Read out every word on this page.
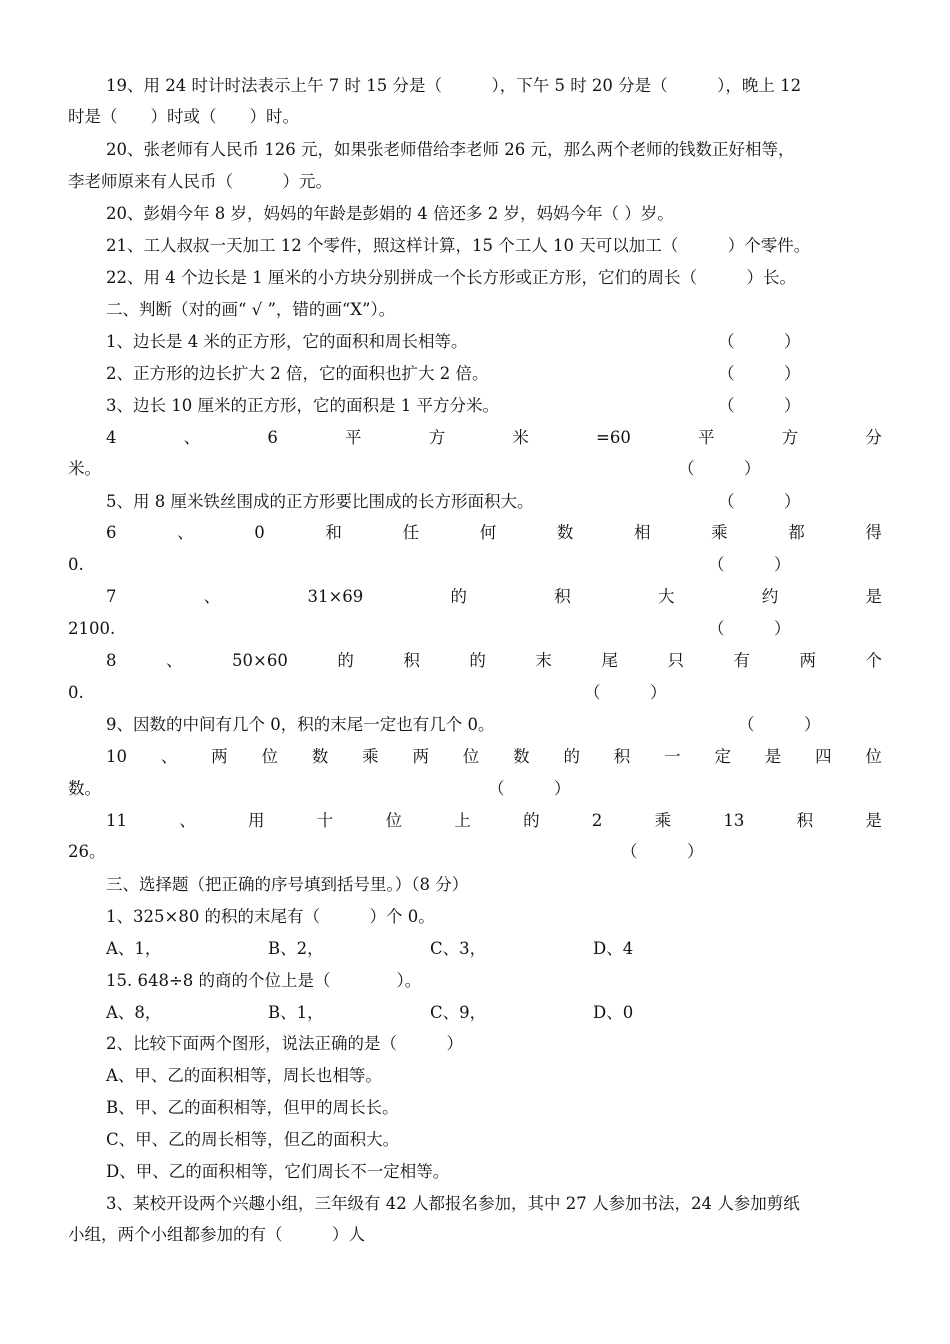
19、用 24 时计时法表示上午 7 时 15 分是（　　　），下午 5 时 20 分是（　　　），晚上 12
时是（　　）时或（　　）时。
20、张老师有人民币 126 元，如果张老师借给李老师 26 元，那么两个老师的钱数正好相等，
李老师原来有人民币（　　　）元。
20、彭娟今年 8 岁，妈妈的年龄是彭娟的 4 倍还多 2 岁，妈妈今年（ ）岁。
21、工人叔叔一天加工 12 个零件，照这样计算，15 个工人 10 天可以加工（　　　）个零件。
22、用 4 个边长是 1 厘米的小方块分别拼成一个长方形或正方形，它们的周长（　　　）长。
二、判断（对的画“ √ ”，错的画“X”）。
1、边长是 4 米的正方形，它的面积和周长相等。	（　　　）
2、正方形的边长扩大 2 倍，它的面积也扩大 2 倍。	（　　　）
3、边长 10 厘米的正方形，它的面积是 1 平方分米。	（　　　）
4	、	6	平	方	米	=60	平	方	分
米。	（　　　）
5、用 8 厘米铁丝围成的正方形要比围成的长方形面积大。	（　　　）
6	、	0	和	任	何	数	相	乘	都	得
0.	（　　　）
7	、	31×69	的	积	大	约	是
2100.	（　　　）
8	、	50×60	的	积	的	末	尾	只	有	两	个
0.	（　　　）
9、因数的中间有几个 0，积的末尾一定也有几个 0。	（　　　）
10 、 两 位 数 乘 两 位 数 的 积 一 定 是 四 位
数。	（　　　）
11	、	用	十	位	上	的	2	乘	13	积	是
26。	（　　　）
三、选择题（把正确的序号填到括号里。）（8 分）
1、325×80 的积的末尾有（　　　）个 0。
A、1，	B、2，	C、3，	D、4
15. 648÷8 的商的个位上是（　　　　）。
A、8，	B、1，	C、9，	D、0
2、比较下面两个图形，说法正确的是（　　　）
A、甲、乙的面积相等，周长也相等。
B、甲、乙的面积相等，但甲的周长长。
C、甲、乙的周长相等，但乙的面积大。
D、甲、乙的面积相等，它们周长不一定相等。
3、某校开设两个兴趣小组，三年级有 42 人都报名参加，其中 27 人参加书法，24 人参加剪纸
小组，两个小组都参加的有（　　　）人
